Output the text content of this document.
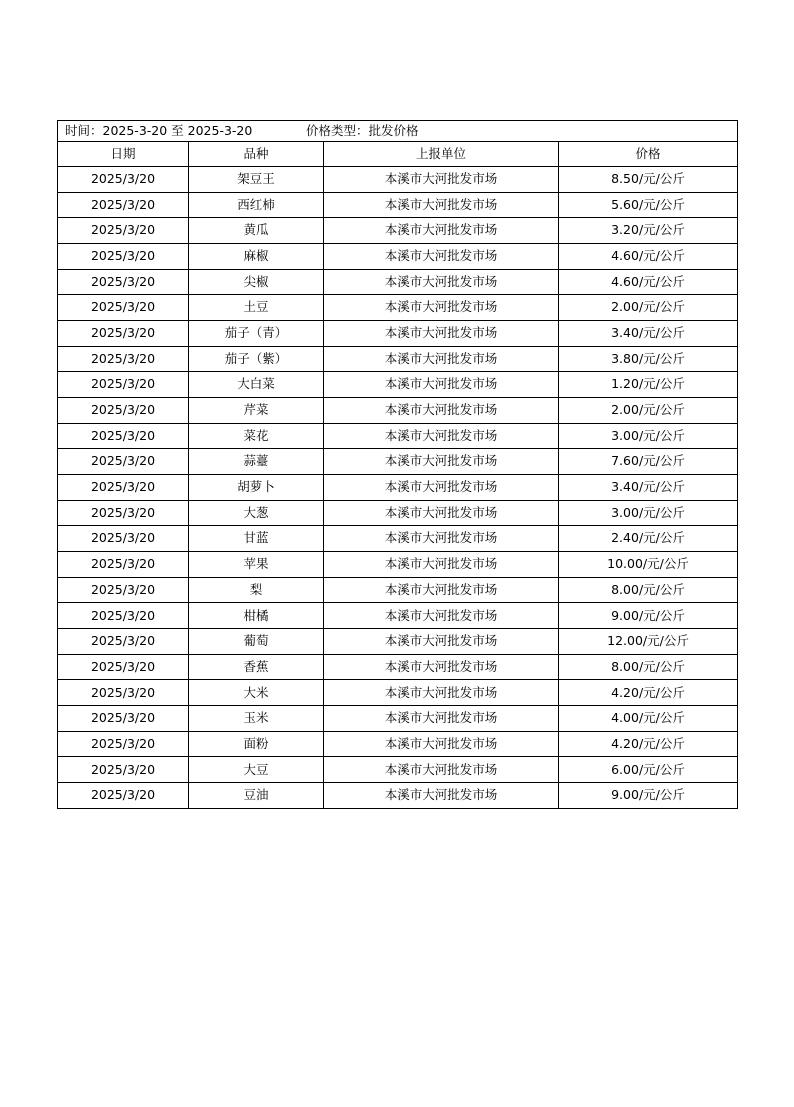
时间：2025-3-20 至 2025-3-20 价格类型：批发价格			

日期	品种	上报单位	价格
2025/3/20	架豆王	本溪市大河批发市场	8.50/元/公斤
2025/3/20	西红柿	本溪市大河批发市场	5.60/元/公斤
2025/3/20	黄瓜	本溪市大河批发市场	3.20/元/公斤
2025/3/20	麻椒	本溪市大河批发市场	4.60/元/公斤
2025/3/20	尖椒	本溪市大河批发市场	4.60/元/公斤
2025/3/20	土豆	本溪市大河批发市场	2.00/元/公斤
2025/3/20	茄子（青）	本溪市大河批发市场	3.40/元/公斤
2025/3/20	茄子（紫）	本溪市大河批发市场	3.80/元/公斤
2025/3/20	大白菜	本溪市大河批发市场	1.20/元/公斤
2025/3/20	芹菜	本溪市大河批发市场	2.00/元/公斤
2025/3/20	菜花	本溪市大河批发市场	3.00/元/公斤
2025/3/20	蒜薹	本溪市大河批发市场	7.60/元/公斤
2025/3/20	胡萝卜	本溪市大河批发市场	3.40/元/公斤
2025/3/20	大葱	本溪市大河批发市场	3.00/元/公斤
2025/3/20	甘蓝	本溪市大河批发市场	2.40/元/公斤
2025/3/20	苹果	本溪市大河批发市场	10.00/元/公斤
2025/3/20	梨	本溪市大河批发市场	8.00/元/公斤
2025/3/20	柑橘	本溪市大河批发市场	9.00/元/公斤
2025/3/20	葡萄	本溪市大河批发市场	12.00/元/公斤
2025/3/20	香蕉	本溪市大河批发市场	8.00/元/公斤
2025/3/20	大米	本溪市大河批发市场	4.20/元/公斤
2025/3/20	玉米	本溪市大河批发市场	4.00/元/公斤
2025/3/20	面粉	本溪市大河批发市场	4.20/元/公斤
2025/3/20	大豆	本溪市大河批发市场	6.00/元/公斤
2025/3/20	豆油	本溪市大河批发市场	9.00/元/公斤
